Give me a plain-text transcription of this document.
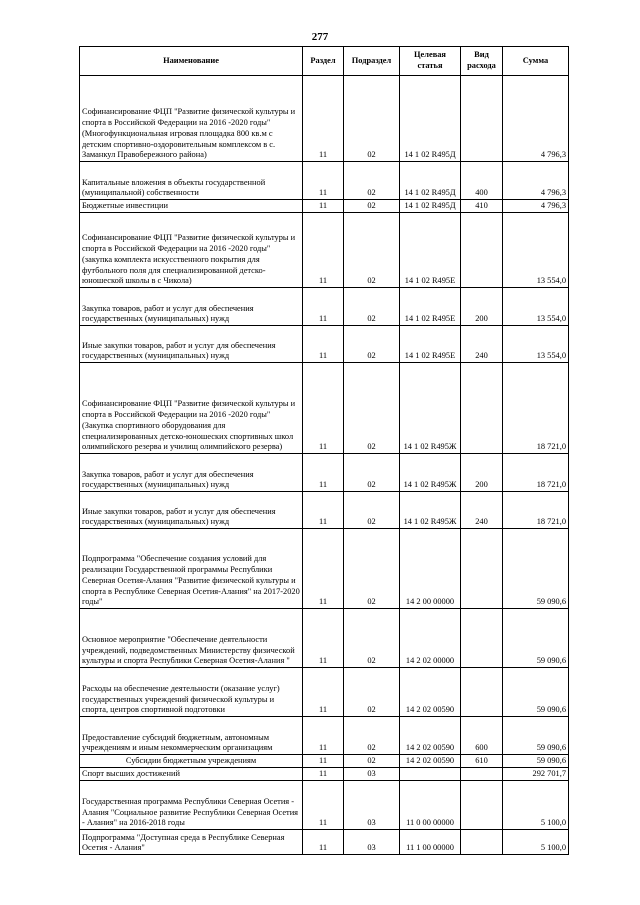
277
Наименование	Раздел	Подраздел	Целевая статья	Вид расхода	Сумма
Софинансирование ФЦП "Развитие физической культуры и спорта в Российской Федерации на 2016 -2020 годы" (Многофункциональная игровая площадка 800 кв.м с детским спортивно-оздоровительным комплексом в с. Заманкул Правобережного района)	11	02	14 1 02 R495Д		4 796,3
Капитальные вложения в объекты государственной (муниципальной) собственности	11	02	14 1 02 R495Д	400	4 796,3
Бюджетные инвестиции	11	02	14 1 02 R495Д	410	4 796,3
Софинансирование ФЦП "Развитие физической культуры и спорта в Российской Федерации на 2016 -2020 годы" (закупка комплекта искусственного покрытия для футбольного поля для специализированной детско-юношеской школы в с Чикола)	11	02	14 1 02 R495Е		13 554,0
Закупка товаров, работ и услуг для обеспечения государственных (муниципальных) нужд	11	02	14 1 02 R495Е	200	13 554,0
Иные закупки товаров, работ и услуг для обеспечения государственных (муниципальных) нужд	11	02	14 1 02 R495Е	240	13 554,0
Софинансирование ФЦП "Развитие физической культуры и спорта в Российской Федерации на 2016 -2020 годы" (Закупка спортивного оборудования для специализированных детско-юношеских спортивных школ олимпийского резерва и училищ олимпийского резерва)	11	02	14 1 02 R495Ж		18 721,0
Закупка товаров, работ и услуг для обеспечения государственных (муниципальных) нужд	11	02	14 1 02 R495Ж	200	18 721,0
Иные закупки товаров, работ и услуг для обеспечения государственных (муниципальных) нужд	11	02	14 1 02 R495Ж	240	18 721,0
Подпрограмма "Обеспечение создания условий для реализации Государственной программы Республики Северная Осетия-Алания "Развитие физической культуры и спорта в Республике Северная Осетия-Алания" на 2017-2020 годы"	11	02	14 2 00 00000		59 090,6
Основное мероприятие "Обеспечение деятельности учреждений, подведомственных Министерству физической культуры и спорта Республики Северная Осетия-Алания "	11	02	14 2 02 00000		59 090,6
Расходы на обеспечение деятельности (оказание услуг) государственных учреждений физической культуры и спорта, центров спортивной подготовки	11	02	14 2 02 00590		59 090,6
Предоставление субсидий бюджетным, автономным учреждениям и иным некоммерческим организациям	11	02	14 2 02 00590	600	59 090,6
Субсидии бюджетным учреждениям	11	02	14 2 02 00590	610	59 090,6
Спорт высших достижений	11	03			292 701,7
Государственная программа Республики Северная Осетия - Алания "Социальное развитие Республики Северная Осетия - Алания" на 2016-2018 годы	11	03	11 0 00 00000		5 100,0
Подпрограмма "Доступная среда в Республике Северная Осетия - Алания"	11	03	11 1 00 00000		5 100,0
